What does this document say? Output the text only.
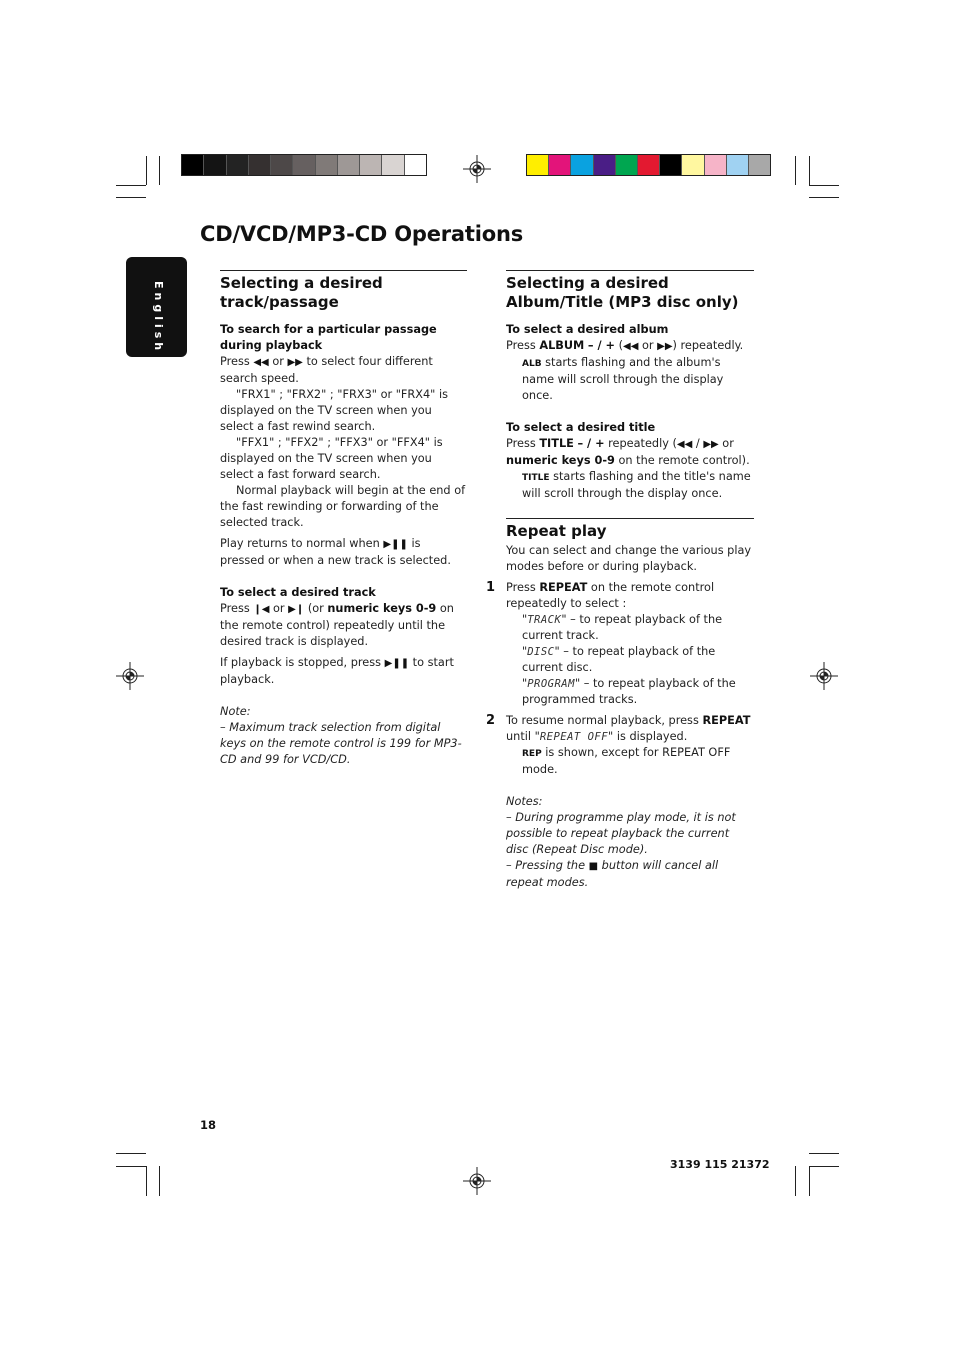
English
CD/VCD/MP3-CD Operations
Selecting a desired track/passage

To search for a particular passage during playback

Press ◀◀ or ▶▶ to select four different search speed.

"FRX1" ; "FRX2" ; "FRX3" or "FRX4" is

displayed on the TV screen when you select a fast rewind search.

"FFX1" ; "FFX2" ; "FFX3" or "FFX4" is

displayed on the TV screen when you select a fast forward search.

Normal playback will begin at the end of the fast rewinding or forwarding of the selected track.

Play returns to normal when ▶❚❚ is pressed or when a new track is selected.

To select a desired track

Press ❙◀ or ▶❙ (or numeric keys 0-9 on the remote control) repeatedly until the desired track is displayed.

If playback is stopped, press ▶❚❚ to start playback.

Note:

– Maximum track selection from digital keys on the remote control is 199 for MP3-CD and 99 for VCD/CD.

Selecting a desired Album/Title (MP3 disc only)

To select a desired album

Press ALBUM – / + (◀◀ or ▶▶) repeatedly.

ALB starts flashing and the album's name will scroll through the display once.

To select a desired title

Press TITLE – / + repeatedly (◀◀ / ▶▶ or numeric keys 0-9 on the remote control).

TITLE starts flashing and the title's name will scroll through the display once.

Repeat play

You can select and change the various play modes before or during playback.

1 Press REPEAT on the remote control repeatedly to select :

"TRACK" – to repeat playback of the current track.

"DISC" – to repeat playback of the current disc.

"PROGRAM" – to repeat playback of the programmed tracks.

2 To resume normal playback, press REPEAT until "REPEAT OFF" is displayed.

REP is shown, except for REPEAT OFF mode.

Notes:

– During programme play mode, it is not possible to repeat playback the current disc (Repeat Disc mode).

– Pressing the ■ button will cancel all repeat modes.

18
3139 115 21372
